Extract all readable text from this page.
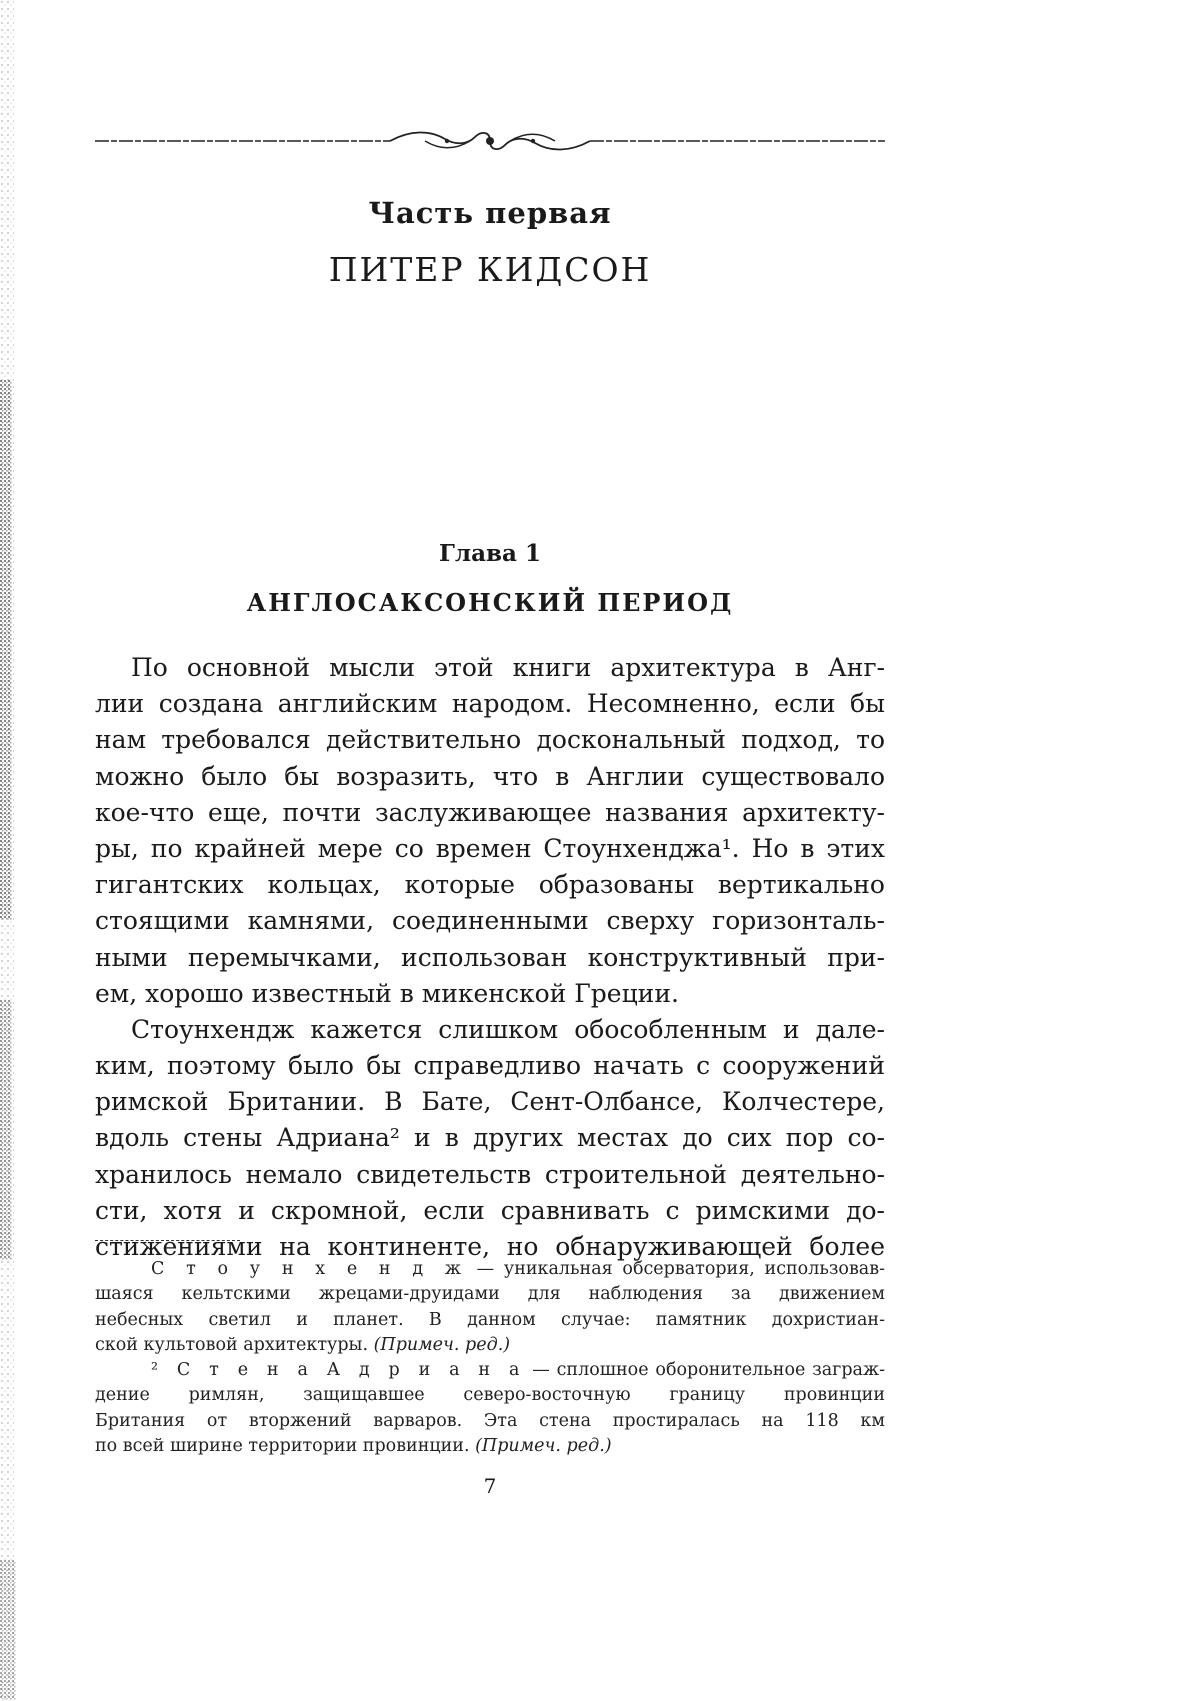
Часть первая
ПИТЕР КИДСОН
Глава 1
АНГЛОСАКСОНСКИЙ ПЕРИОД
По основной мысли этой книги архитектура в Анг-
лии создана английским народом. Несомненно, если бы
нам требовался действительно доскональный подход, то
можно было бы возразить, что в Англии существовало
кое-что еще, почти заслуживающее названия архитекту-
ры, по крайней мере со времен Стоунхенджа¹. Но в этих
гигантских кольцах, которые образованы вертикально
стоящими камнями, соединенными сверху горизонталь-
ными перемычками, использован конструктивный при-
ем, хорошо известный в микенской Греции.
Стоунхендж кажется слишком обособленным и дале-
ким, поэтому было бы справедливо начать с сооружений
римской Британии. В Бате, Сент-Олбансе, Колчестере,
вдоль стены Адриана² и в других местах до сих пор со-
хранилось немало свидетельств строительной деятельно-
сти, хотя и скромной, если сравнивать с римскими до-
стижениями на континенте, но обнаруживающей более
С т о у н х е н д ж — уникальная обсерватория, использовав-
шаяся кельтскими жрецами-друидами для наблюдения за движением
небесных светил и планет. В данном случае: памятник дохристиан-
ской культовой архитектуры. (Примеч. ред.)
² С т е н а А д р и а н а — сплошное оборонительное заграж-
дение римлян, защищавшее северо-восточную границу провинции
Британия от вторжений варваров. Эта стена простиралась на 118 км
по всей ширине территории провинции. (Примеч. ред.)
7
